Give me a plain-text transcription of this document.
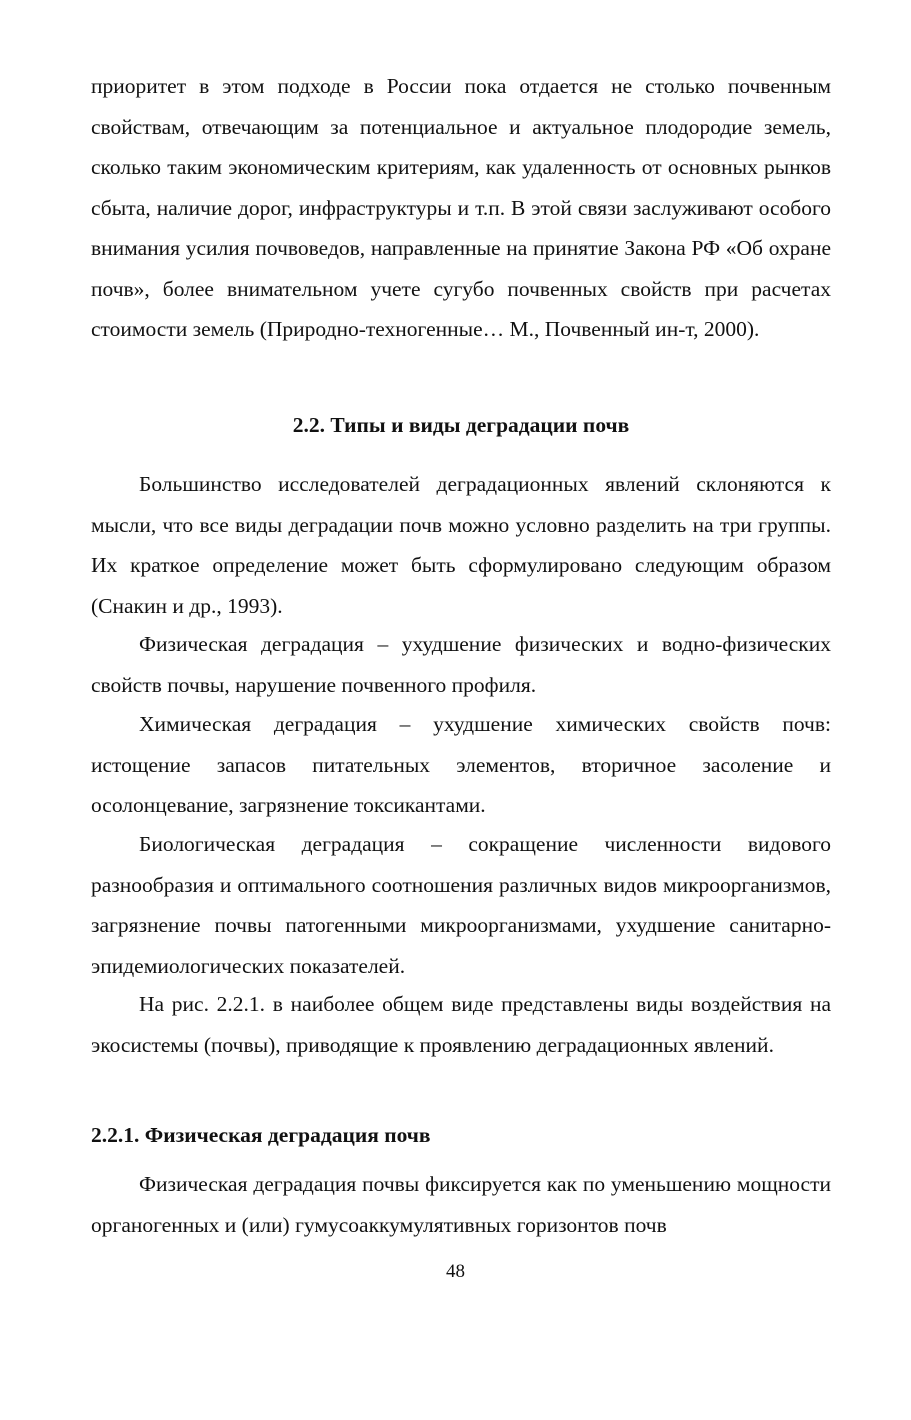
приоритет в этом подходе в России пока отдается не столько почвенным свойствам, отвечающим за потенциальное и актуальное плодородие земель, сколько таким экономическим критериям, как удаленность от основных рынков сбыта, наличие дорог, инфраструктуры и т.п. В этой связи заслуживают особого внимания усилия почвоведов, направленные на принятие Закона РФ «Об охране почв», более внимательном учете сугубо почвенных свойств при расчетах стоимости земель (Природно-техногенные… М., Почвенный ин-т, 2000).

2.2. Типы и виды деградации почв

Большинство исследователей деградационных явлений склоняются к мысли, что все виды деградации почв можно условно разделить на три группы. Их краткое определение может быть сформулировано следующим образом (Снакин и др., 1993).

Физическая деградация – ухудшение физических и водно-физических свойств почвы, нарушение почвенного профиля.

Химическая деградация – ухудшение химических свойств почв: истощение запасов питательных элементов, вторичное засоление и осолонцевание, загрязнение токсикантами.

Биологическая деградация – сокращение численности видового разнообразия и оптимального соотношения различных видов микроорганизмов, загрязнение почвы патогенными микроорганизмами, ухудшение санитарно-эпидемиологических показателей.

На рис. 2.2.1. в наиболее общем виде представлены виды воздействия на экосистемы (почвы), приводящие к проявлению деградационных явлений.

2.2.1. Физическая деградация почв

Физическая деградация почвы фиксируется как по уменьшению мощности органогенных и (или) гумусоаккумулятивных горизонтов почв

48
